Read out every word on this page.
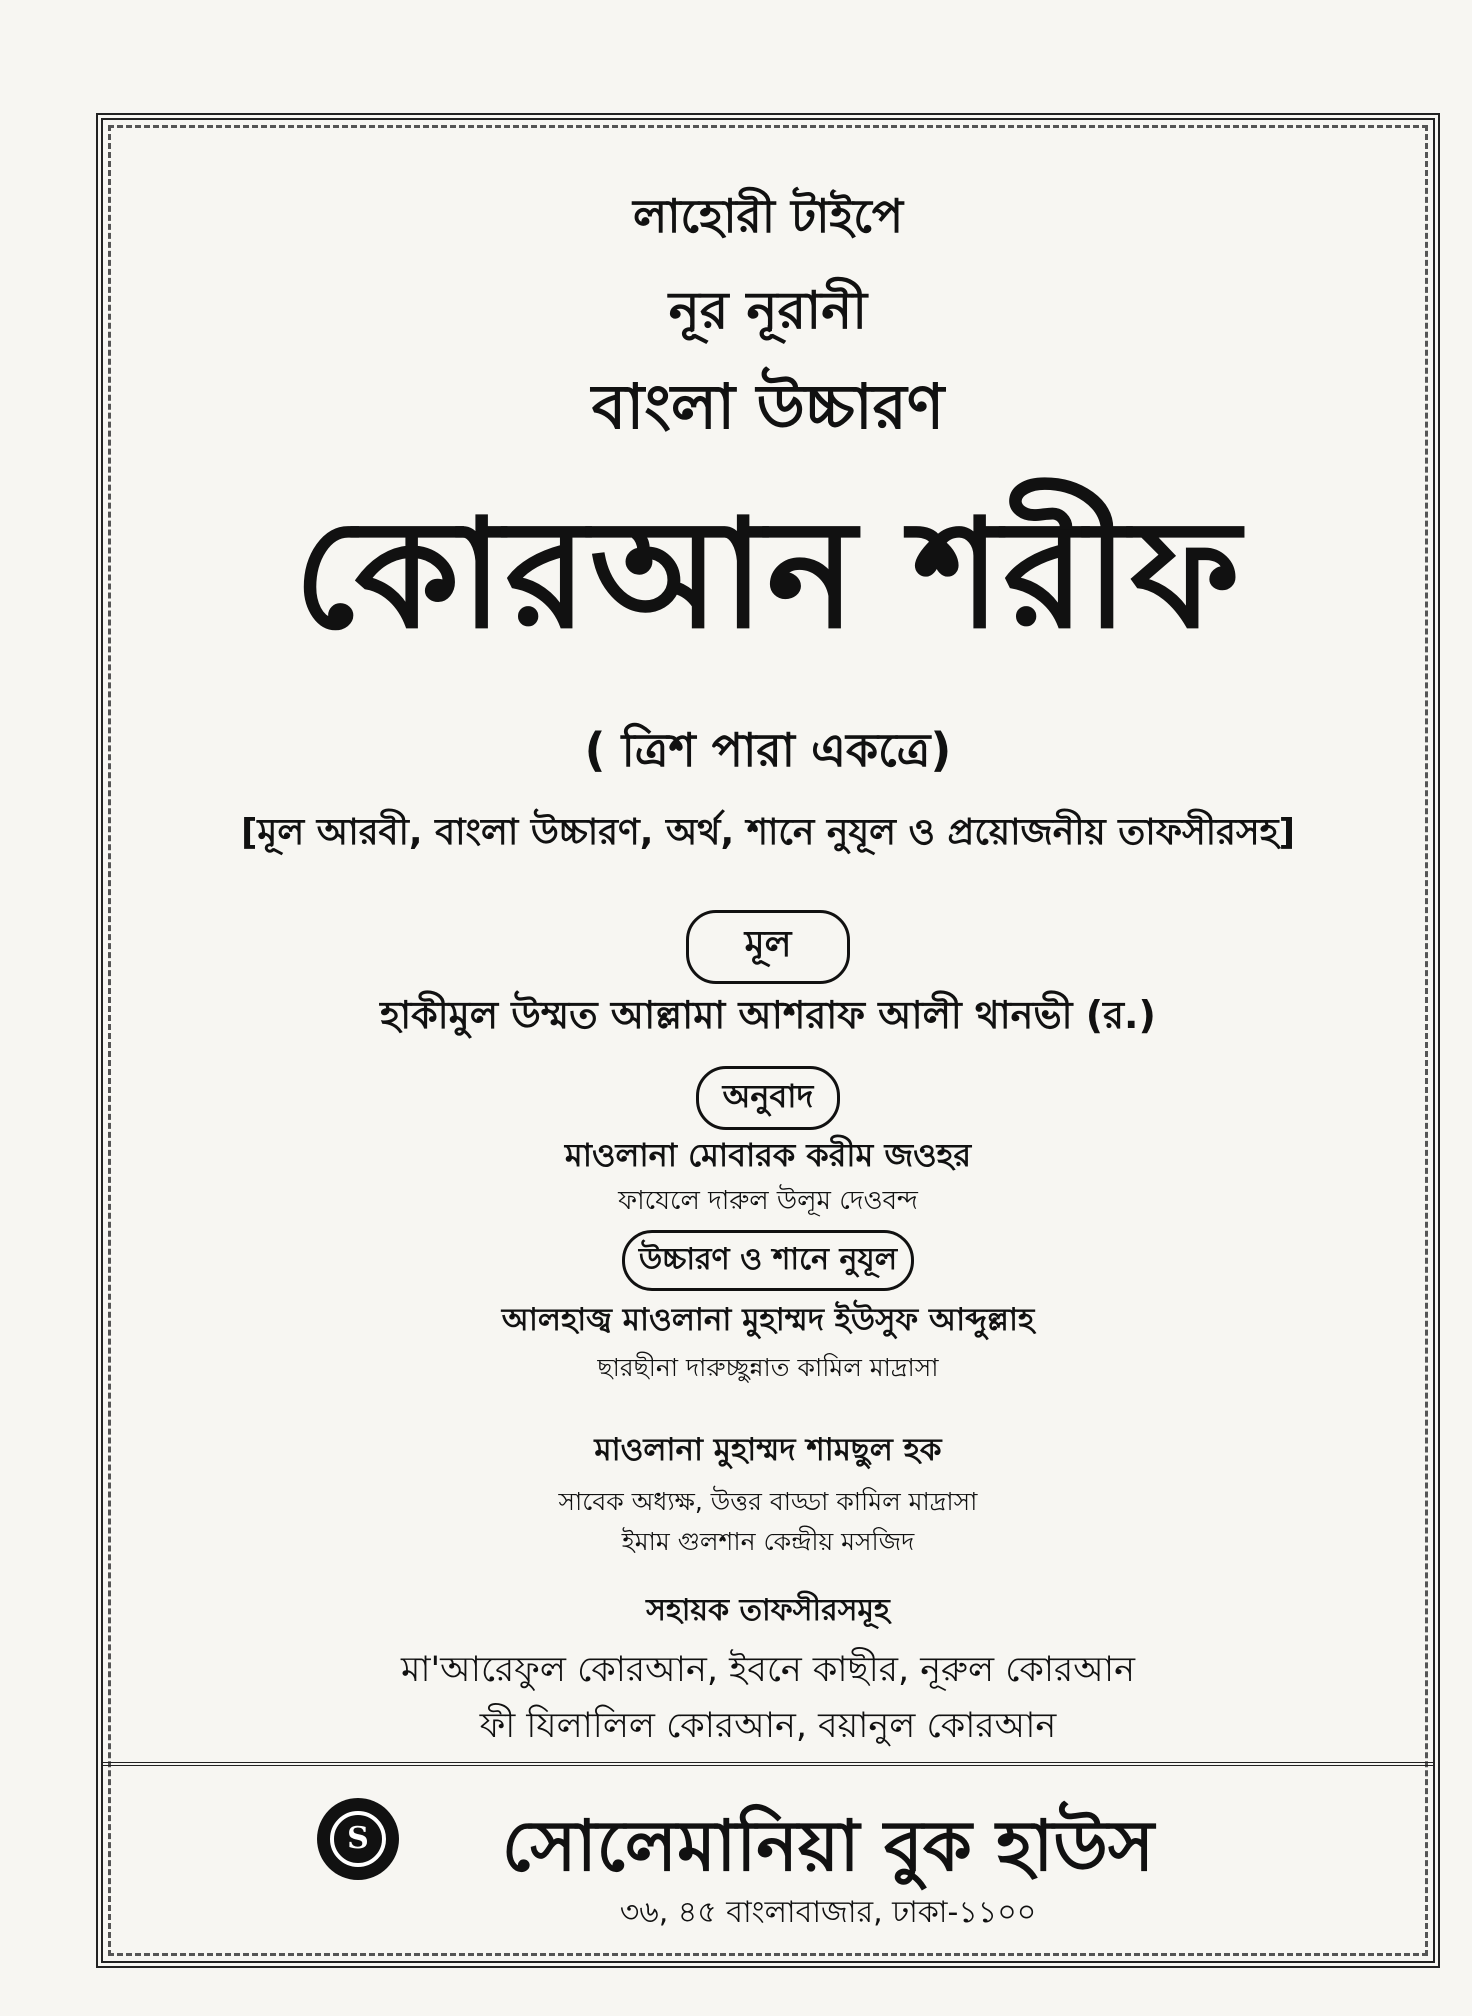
লাহোরী টাইপে
নূর নূরানী
বাংলা উচ্চারণ
কোরআন শরীফ
( ত্রিশ পারা একত্রে)
[মূল আরবী, বাংলা উচ্চারণ, অর্থ, শানে নুযূল ও প্রয়োজনীয় তাফসীরসহ]
মূল
হাকীমুল উম্মত আল্লামা আশরাফ আলী থানভী (র.)
অনুবাদ
মাওলানা মোবারক করীম জওহর
ফাযেলে দারুল উলূম দেওবন্দ
উচ্চারণ ও শানে নুযূল
আলহাজ্ব মাওলানা মুহাম্মদ ইউসুফ আব্দুল্লাহ
ছারছীনা দারুচ্ছুন্নাত কামিল মাদ্রাসা
মাওলানা মুহাম্মদ শামছুল হক
সাবেক অধ্যক্ষ, উত্তর বাড্ডা কামিল মাদ্রাসা
ইমাম গুলশান কেন্দ্রীয় মসজিদ
সহায়ক তাফসীরসমূহ
মা'আরেফুল কোরআন, ইবনে কাছীর, নূরুল কোরআন
ফী যিলালিল কোরআন, বয়ানুল কোরআন
S	সোলেমানিয়া বুক হাউস
৩৬, ৪৫ বাংলাবাজার, ঢাকা-১১০০
